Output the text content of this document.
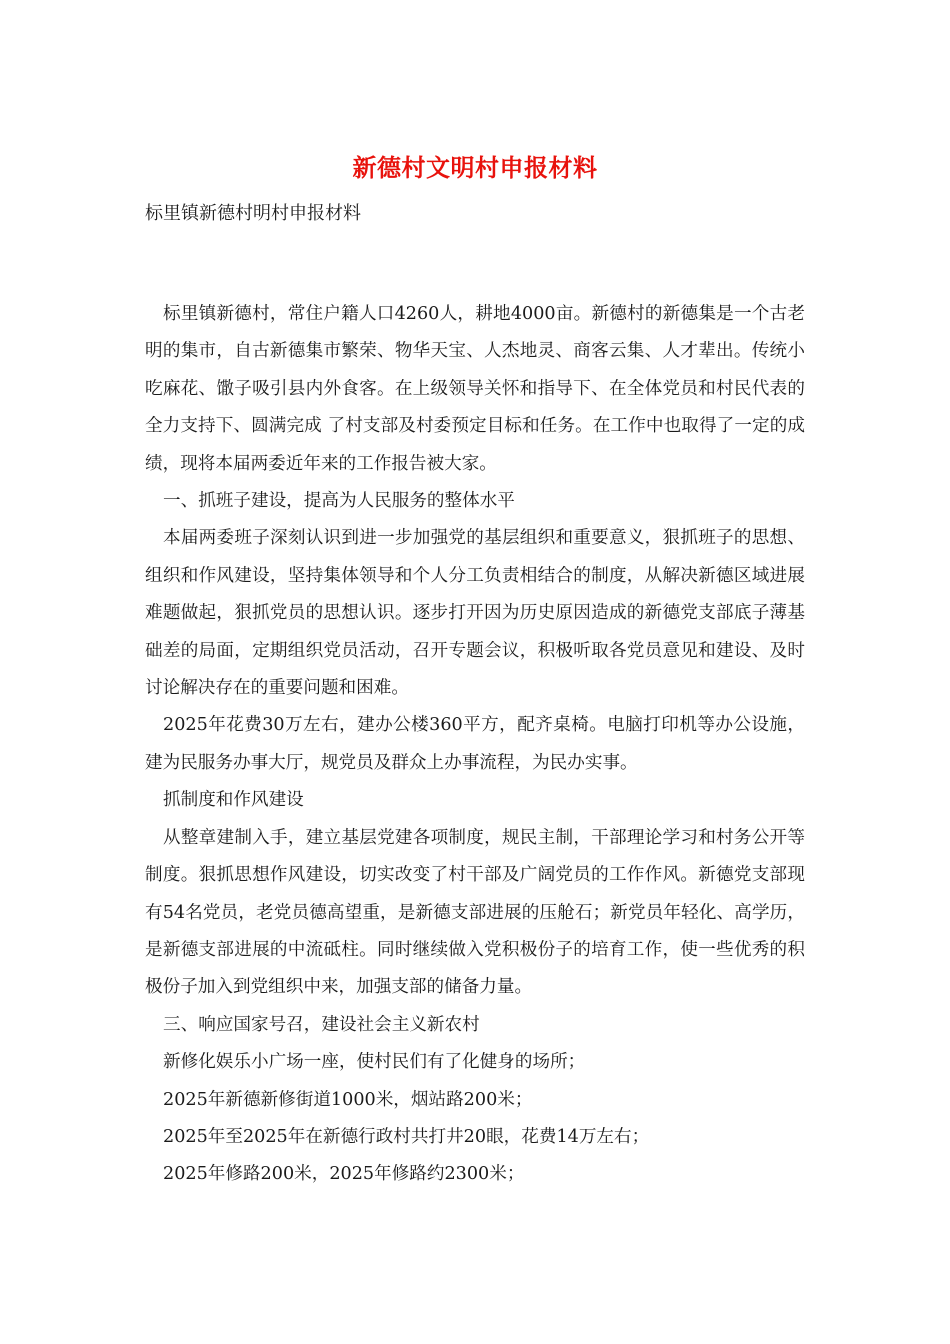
新德村文明村申报材料
标里镇新德村明村申报材料

标里镇新德村，常住户籍人口4260人，耕地4000亩。新德村的新德集是一个古老明的集市，自古新德集市繁荣、物华天宝、人杰地灵、商客云集、人才辈出。传统小吃麻花、馓子吸引县内外食客。在上级领导关怀和指导下、在全体党员和村民代表的全力支持下、圆满完成 了村支部及村委预定目标和任务。在工作中也取得了一定的成绩，现将本届两委近年来的工作报告被大家。

一、抓班子建设，提高为人民服务的整体水平

本届两委班子深刻认识到进一步加强党的基层组织和重要意义，狠抓班子的思想、组织和作风建设，坚持集体领导和个人分工负责相结合的制度，从解决新德区域进展难题做起，狠抓党员的思想认识。逐步打开因为历史原因造成的新德党支部底子薄基础差的局面，定期组织党员活动，召开专题会议，积极听取各党员意见和建设、及时讨论解决存在的重要问题和困难。

2025年花费30万左右，建办公楼360平方，配齐桌椅。电脑打印机等办公设施，建为民服务办事大厅，规党员及群众上办事流程，为民办实事。

抓制度和作风建设

从整章建制入手，建立基层党建各项制度，规民主制，干部理论学习和村务公开等制度。狠抓思想作风建设，切实改变了村干部及广阔党员的工作作风。新德党支部现有54名党员，老党员德高望重，是新德支部进展的压舱石；新党员年轻化、高学历，是新德支部进展的中流砥柱。同时继续做入党积极份子的培育工作，使一些优秀的积极份子加入到党组织中来，加强支部的储备力量。

三、响应国家号召，建设社会主义新农村

新修化娱乐小广场一座，使村民们有了化健身的场所；

2025年新德新修街道1000米，烟站路200米；

2025年至2025年在新德行政村共打井20眼，花费14万左右；

2025年修路200米，2025年修路约2300米；
